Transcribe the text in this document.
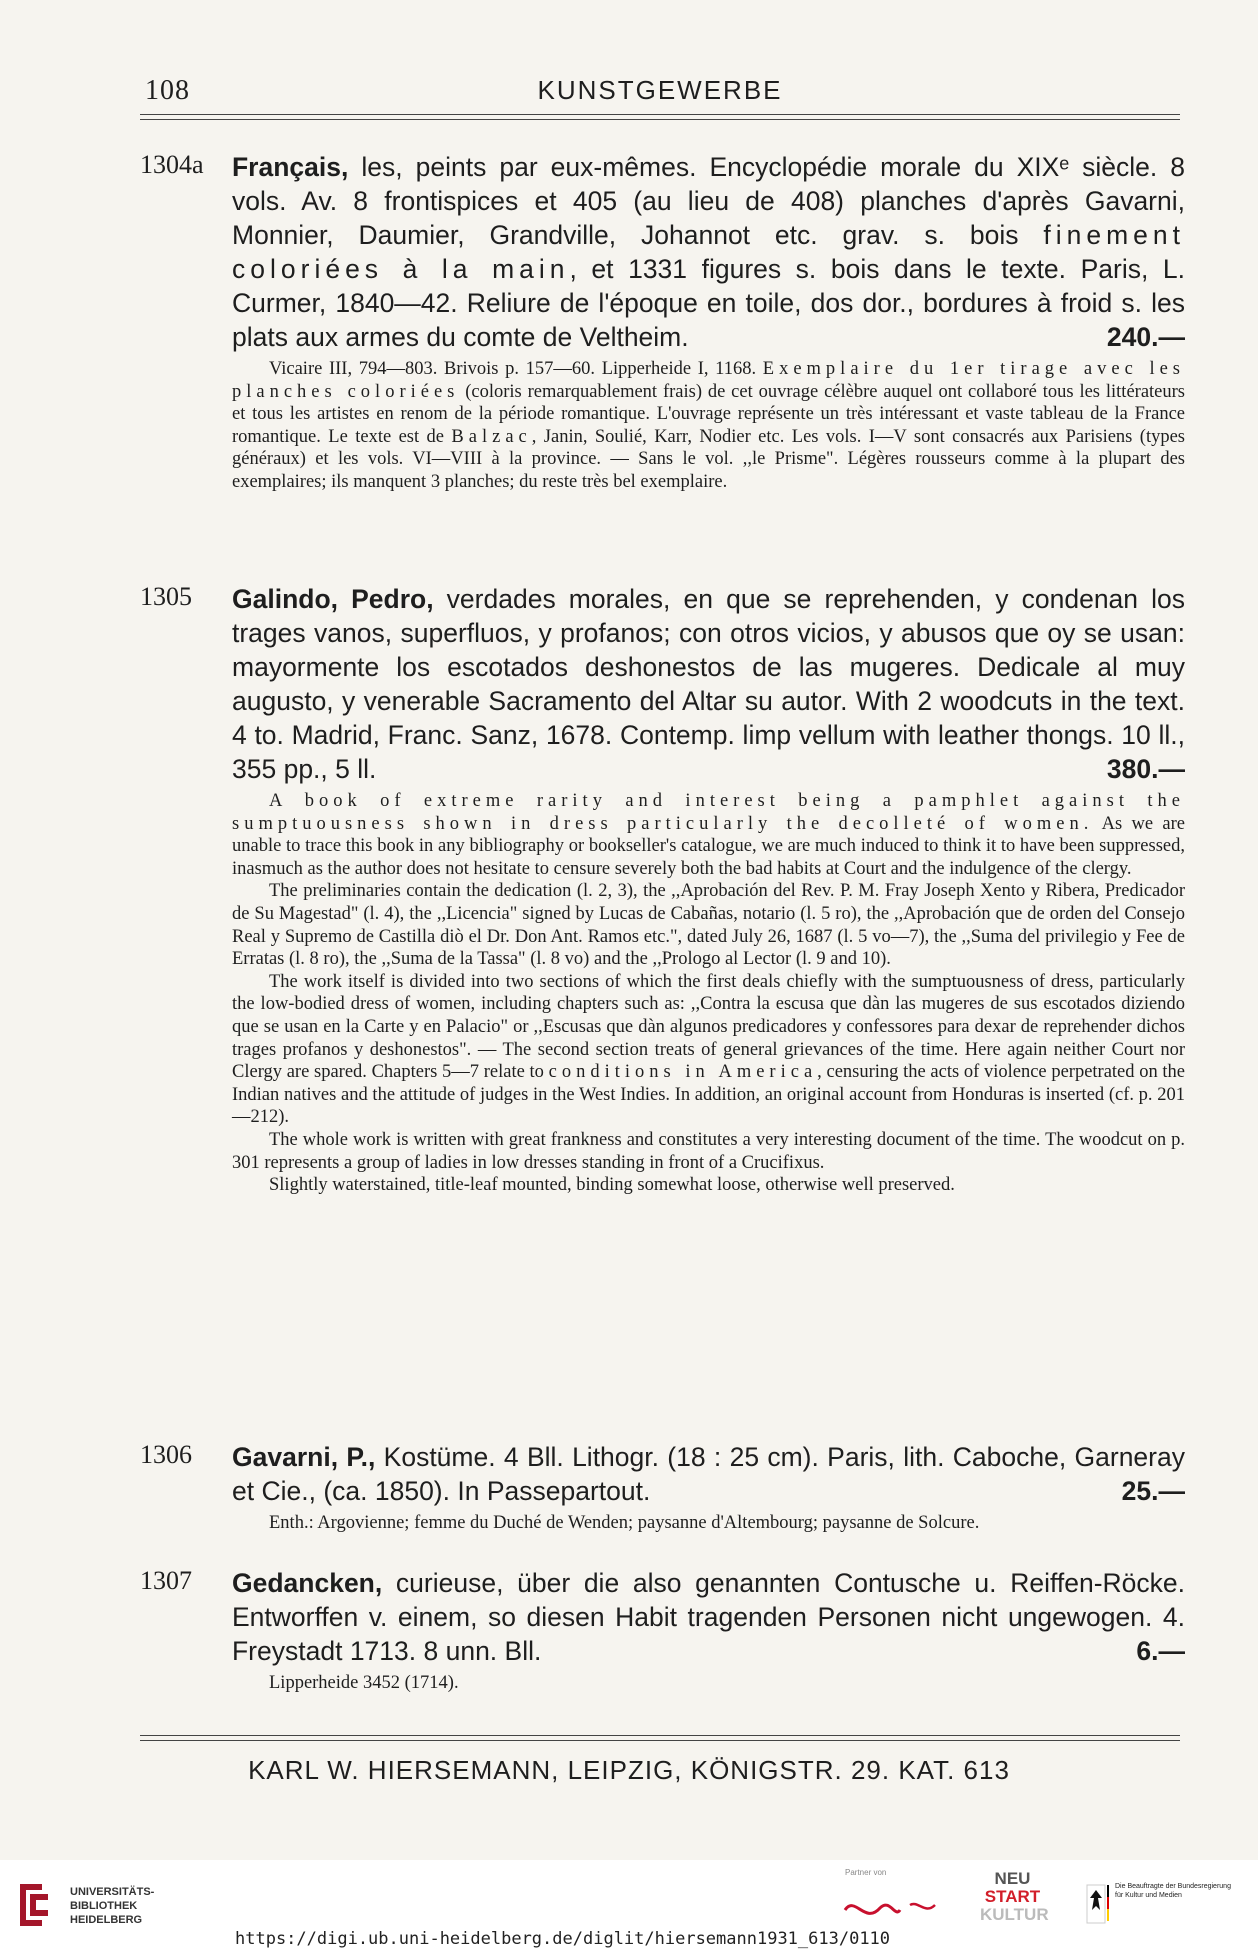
108	KUNSTGEWERBE
1304a Français, les, peints par eux-mêmes. Encyclopédie morale du XIXᵉ siècle. 8 vols. Av. 8 frontispices et 405 (au lieu de 408) planches d'après Gavarni, Monnier, Daumier, Grandville, Johannot etc. grav. s. bois finement coloriées à la main, et 1331 figures s. bois dans le texte. Paris, L. Curmer, 1840—42. Reliure de l'époque en toile, dos dor., bordures à froid s. les plats aux armes du comte de Veltheim.	240.—

Vicaire III, 794—803. Brivois p. 157—60. Lipperheide I, 1168. Exemplaire du 1er tirage avec les planches coloriées (coloris remarquablement frais) de cet ouvrage célèbre auquel ont collaboré tous les littérateurs et tous les artistes en renom de la période romantique. L'ouvrage représente un très intéressant et vaste tableau de la France romantique. Le texte est de Balzac, Janin, Soulié, Karr, Nodier etc. Les vols. I—V sont consacrés aux Parisiens (types généraux) et les vols. VI—VIII à la province. — Sans le vol. ,,le Prisme". Légères rousseurs comme à la plupart des exemplaires; ils manquent 3 planches; du reste très bel exemplaire.

1305 Galindo, Pedro, verdades morales, en que se reprehenden, y condenan los trages vanos, superfluos, y profanos; con otros vicios, y abusos que oy se usan: mayormente los escotados deshonestos de las mugeres. Dedicale al muy augusto, y venerable Sacramento del Altar su autor. With 2 woodcuts in the text. 4 to. Madrid, Franc. Sanz, 1678. Contemp. limp vellum with leather thongs. 10 ll., 355 pp., 5 ll.	380.—

A book of extreme rarity and interest being a pamphlet against the sumptuousness shown in dress particularly the decolleté of women. As we are unable to trace this book in any bibliography or bookseller's catalogue, we are much induced to think it to have been suppressed, inasmuch as the author does not hesitate to censure severely both the bad habits at Court and the indulgence of the clergy.

The preliminaries contain the dedication (l. 2, 3), the ,,Aprobación del Rev. P. M. Fray Joseph Xento y Ribera, Predicador de Su Magestad" (l. 4), the ,,Licencia" signed by Lucas de Cabañas, notario (l. 5 ro), the ,,Aprobación que de orden del Consejo Real y Supremo de Castilla diò el Dr. Don Ant. Ramos etc.", dated July 26, 1687 (l. 5 vo—7), the ,,Suma del privilegio y Fee de Erratas (l. 8 ro), the ,,Suma de la Tassa" (l. 8 vo) and the ,,Prologo al Lector (l. 9 and 10).

The work itself is divided into two sections of which the first deals chiefly with the sumptuousness of dress, particularly the low-bodied dress of women, including chapters such as: ,,Contra la escusa que dàn las mugeres de sus escotados diziendo que se usan en la Carte y en Palacio" or ,,Escusas que dàn algunos predicadores y confessores para dexar de reprehender dichos trages profanos y deshonestos". — The second section treats of general grievances of the time. Here again neither Court nor Clergy are spared. Chapters 5—7 relate to conditions in America, censuring the acts of violence perpetrated on the Indian natives and the attitude of judges in the West Indies. In addition, an original account from Honduras is inserted (cf. p. 201—212).

The whole work is written with great frankness and constitutes a very interesting document of the time. The woodcut on p. 301 represents a group of ladies in low dresses standing in front of a Crucifixus.

Slightly waterstained, title-leaf mounted, binding somewhat loose, otherwise well preserved.

1306 Gavarni, P., Kostüme. 4 Bll. Lithogr. (18 : 25 cm). Paris, lith. Caboche, Garneray et Cie., (ca. 1850). In Passepartout.	25.—

Enth.: Argovienne; femme du Duché de Wenden; paysanne d'Altembourg; paysanne de Solcure.

1307 Gedancken, curieuse, über die also genannten Contusche u. Reiffen-Röcke. Entworffen v. einem, so diesen Habit tragenden Personen nicht ungewogen. 4. Freystadt 1713. 8 unn. Bll.	6.—

Lipperheide 3452 (1714).

KARL W. HIERSEMANN, LEIPZIG, KÖNIGSTR. 29. KAT. 613
UNIVERSITÄTS-
BIBLIOTHEK
HEIDELBERG
Partner von	NEU
START
KULTUR
Die Beauftragte der Bundesregierung
für Kultur und Medien
https://digi.ub.uni-heidelberg.de/diglit/hiersemann1931_613/0110
